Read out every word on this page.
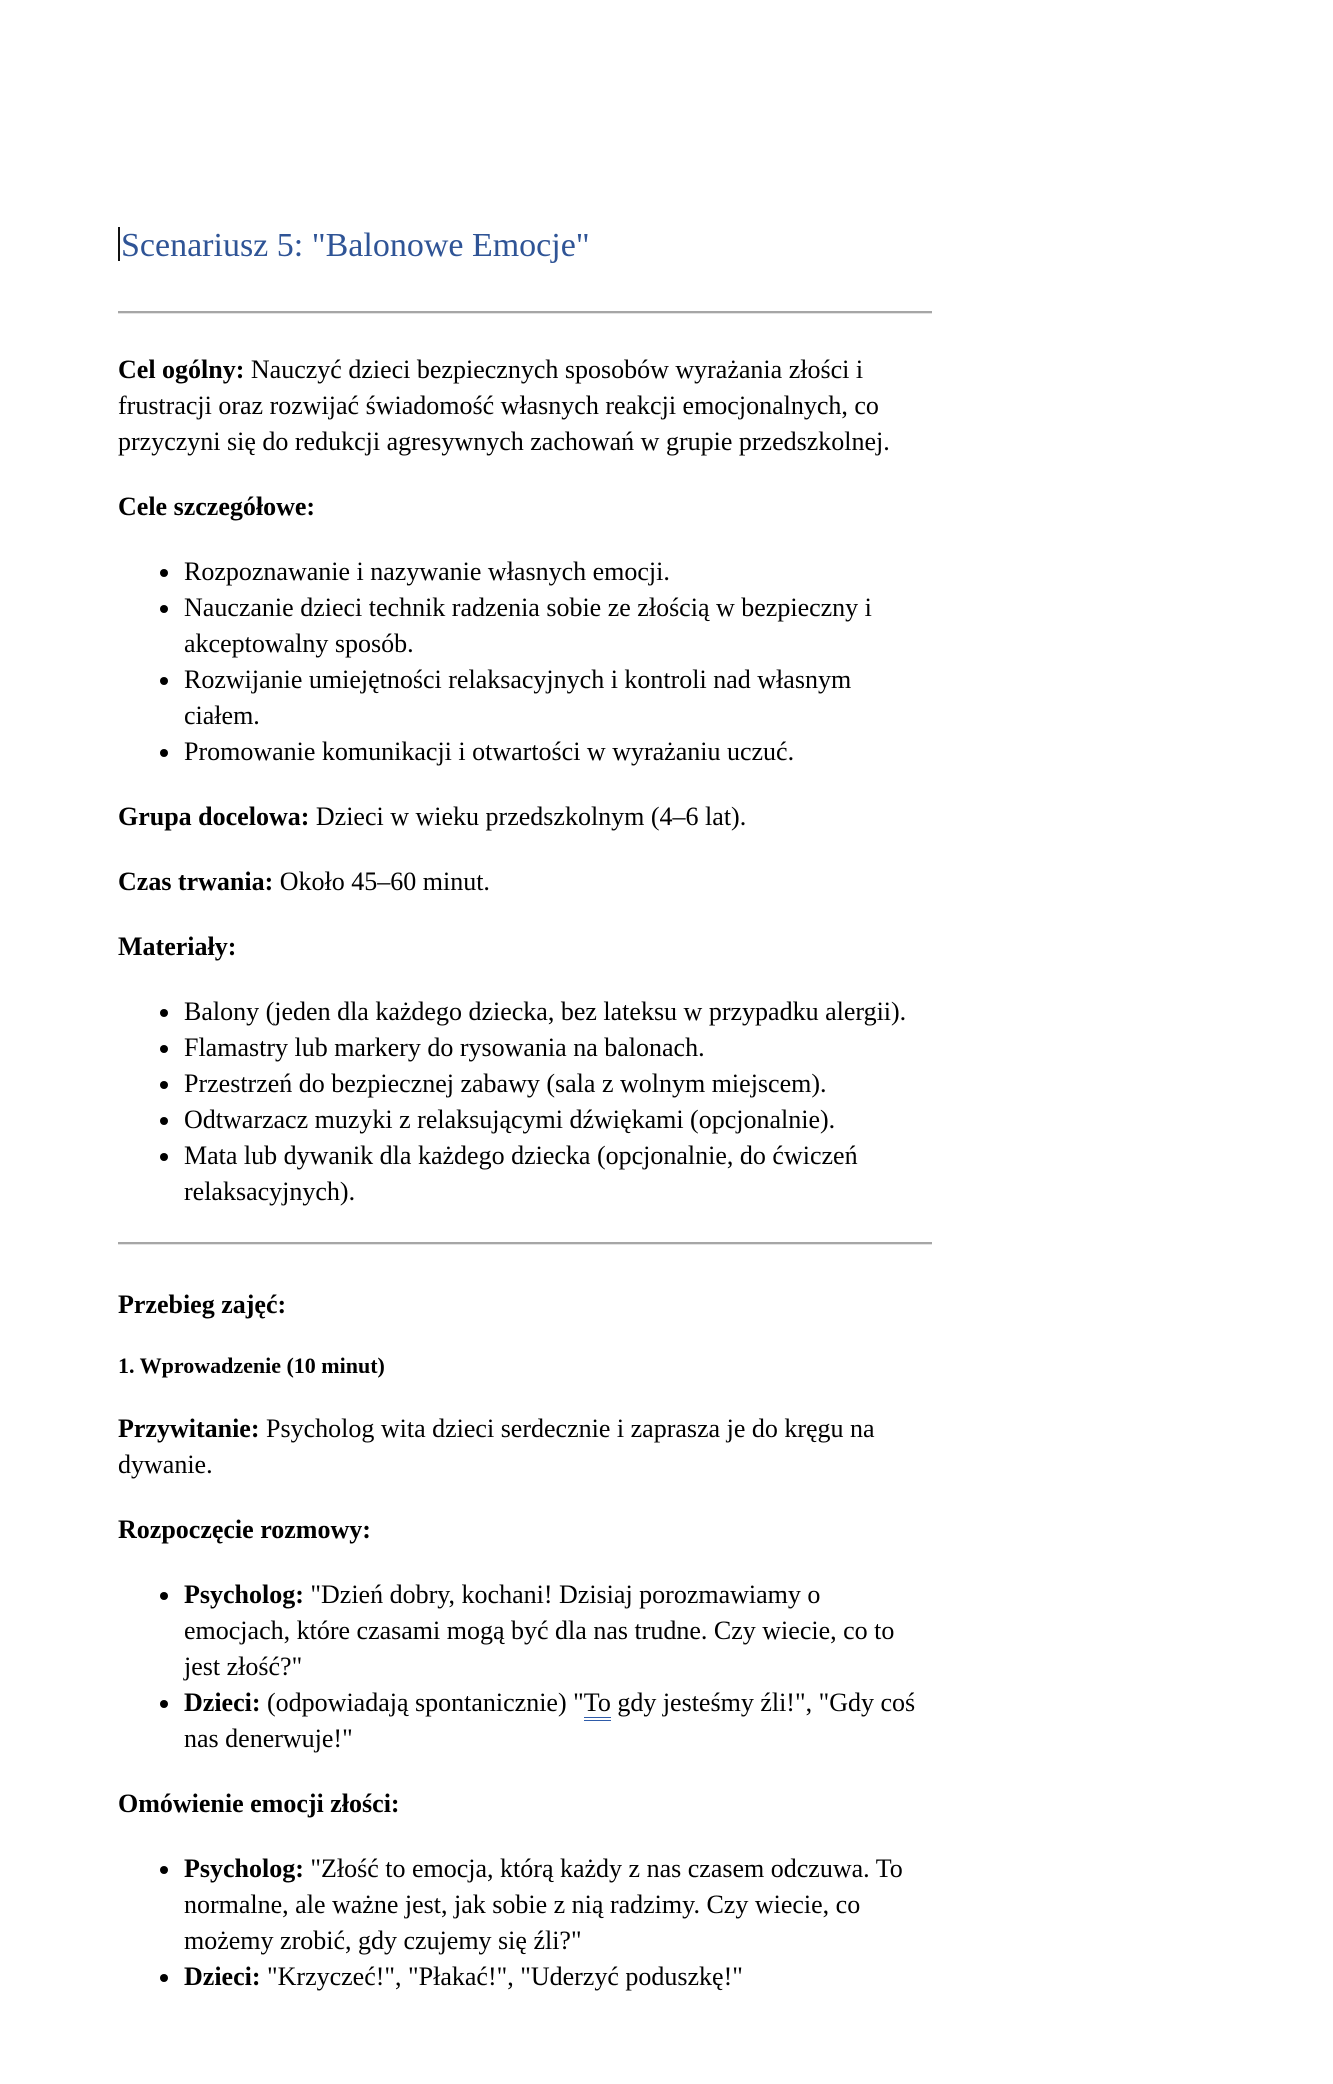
Scenariusz 5: "Balonowe Emocje"

Cel ogólny: Nauczyć dzieci bezpiecznych sposobów wyrażania złości i frustracji oraz rozwijać świadomość własnych reakcji emocjonalnych, co przyczyni się do redukcji agresywnych zachowań w grupie przedszkolnej.

Cele szczegółowe:
• Rozpoznawanie i nazywanie własnych emocji.
• Nauczanie dzieci technik radzenia sobie ze złością w bezpieczny i akceptowalny sposób.
• Rozwijanie umiejętności relaksacyjnych i kontroli nad własnym ciałem.
• Promowanie komunikacji i otwartości w wyrażaniu uczuć.

Grupa docelowa: Dzieci w wieku przedszkolnym (4–6 lat).

Czas trwania: Około 45–60 minut.

Materiały:
• Balony (jeden dla każdego dziecka, bez lateksu w przypadku alergii).
• Flamastry lub markery do rysowania na balonach.
• Przestrzeń do bezpiecznej zabawy (sala z wolnym miejscem).
• Odtwarzacz muzyki z relaksującymi dźwiękami (opcjonalnie).
• Mata lub dywanik dla każdego dziecka (opcjonalnie, do ćwiczeń relaksacyjnych).
Przebieg zajęć:
1. Wprowadzenie (10 minut)

Przywitanie: Psycholog wita dzieci serdecznie i zaprasza je do kręgu na dywanie.

Rozpoczęcie rozmowy:
• Psycholog: "Dzień dobry, kochani! Dzisiaj porozmawiamy o emocjach, które czasami mogą być dla nas trudne. Czy wiecie, co to jest złość?"
• Dzieci: (odpowiadają spontanicznie) "To gdy jesteśmy źli!", "Gdy coś nas denerwuje!"
Omówienie emocji złości:
• Psycholog: "Złość to emocja, którą każdy z nas czasem odczuwa. To normalne, ale ważne jest, jak sobie z nią radzimy. Czy wiecie, co możemy zrobić, gdy czujemy się źli?"
• Dzieci: "Krzyczeć!", "Płakać!", "Uderzyć poduszkę!"
